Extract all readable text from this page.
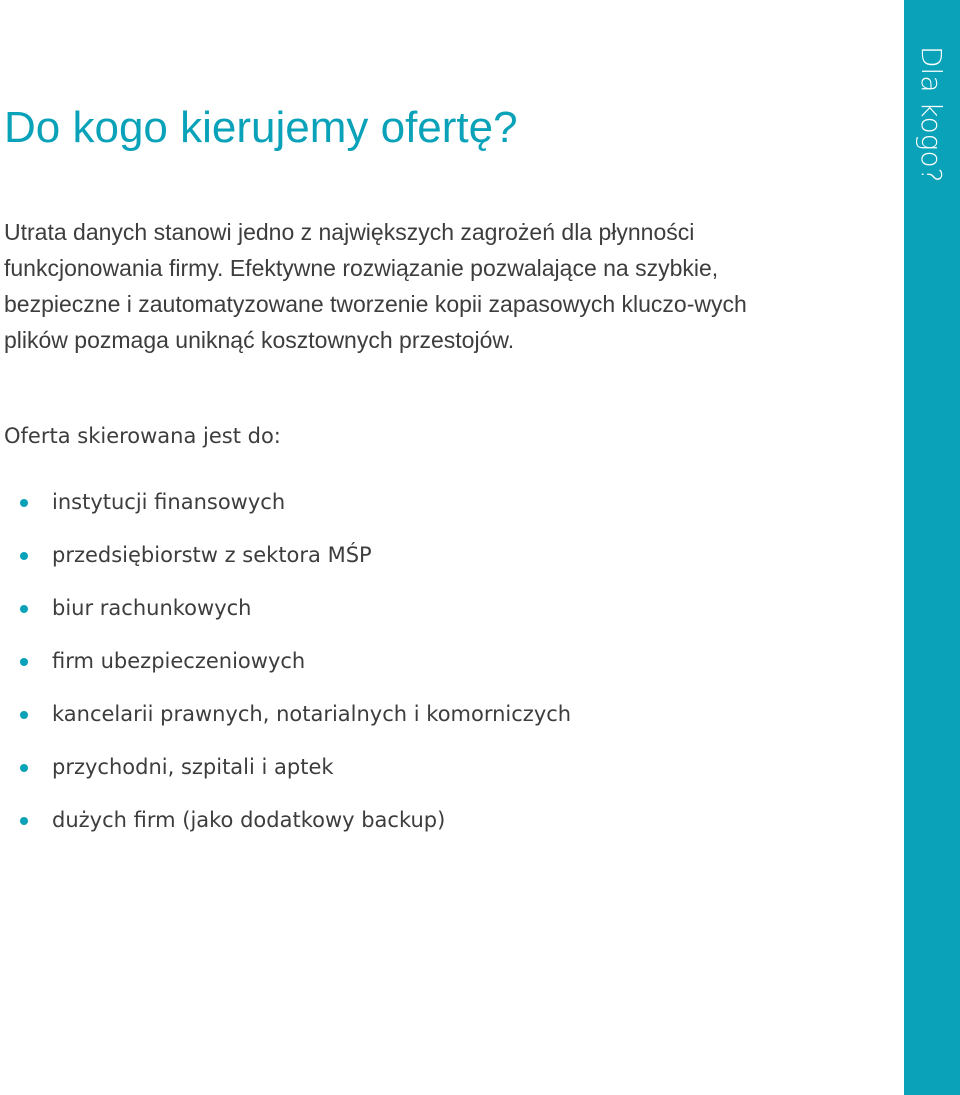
Do kogo kierujemy ofertę?

Utrata danych stanowi jedno z największych zagrożeń dla płynności funkcjonowania firmy. Efektywne rozwiązanie pozwalające na szybkie, bezpieczne i zautomatyzowane tworzenie kopii zapasowych kluczo-wych plików pozmaga uniknąć kosztownych przestojów.

Oferta skierowana jest do:

instytucji finansowych
przedsiębiorstw z sektora MŚP
biur rachunkowych
firm ubezpieczeniowych
kancelarii prawnych, notarialnych i komorniczych
przychodni, szpitali i aptek
dużych firm (jako dodatkowy backup)
Dla kogo?
